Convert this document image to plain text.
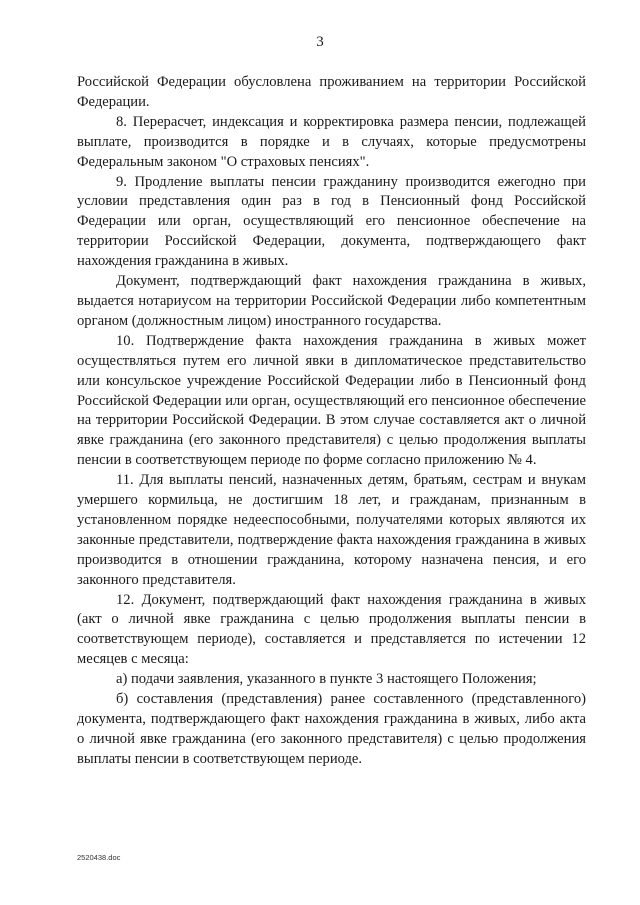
3

Российской Федерации обусловлена проживанием на территории Российской Федерации.

8. Перерасчет, индексация и корректировка размера пенсии, подлежащей выплате, производится в порядке и в случаях, которые предусмотрены Федеральным законом "О страховых пенсиях".

9. Продление выплаты пенсии гражданину производится ежегодно при условии представления один раз в год в Пенсионный фонд Российской Федерации или орган, осуществляющий его пенсионное обеспечение на территории Российской Федерации, документа, подтверждающего факт нахождения гражданина в живых.

Документ, подтверждающий факт нахождения гражданина в живых, выдается нотариусом на территории Российской Федерации либо компетентным органом (должностным лицом) иностранного государства.

10. Подтверждение факта нахождения гражданина в живых может осуществляться путем его личной явки в дипломатическое представительство или консульское учреждение Российской Федерации либо в Пенсионный фонд Российской Федерации или орган, осуществляющий его пенсионное обеспечение на территории Российской Федерации. В этом случае составляется акт о личной явке гражданина (его законного представителя) с целью продолжения выплаты пенсии в соответствующем периоде по форме согласно приложению № 4.

11. Для выплаты пенсий, назначенных детям, братьям, сестрам и внукам умершего кормильца, не достигшим 18 лет, и гражданам, признанным в установленном порядке недееспособными, получателями которых являются их законные представители, подтверждение факта нахождения гражданина в живых производится в отношении гражданина, которому назначена пенсия, и его законного представителя.

12. Документ, подтверждающий факт нахождения гражданина в живых (акт о личной явке гражданина с целью продолжения выплаты пенсии в соответствующем периоде), составляется и представляется по истечении 12 месяцев с месяца:

а) подачи заявления, указанного в пункте 3 настоящего Положения;

б) составления (представления) ранее составленного (представленного) документа, подтверждающего факт нахождения гражданина в живых, либо акта о личной явке гражданина (его законного представителя) с целью продолжения выплаты пенсии в соответствующем периоде.

2520438.doc
